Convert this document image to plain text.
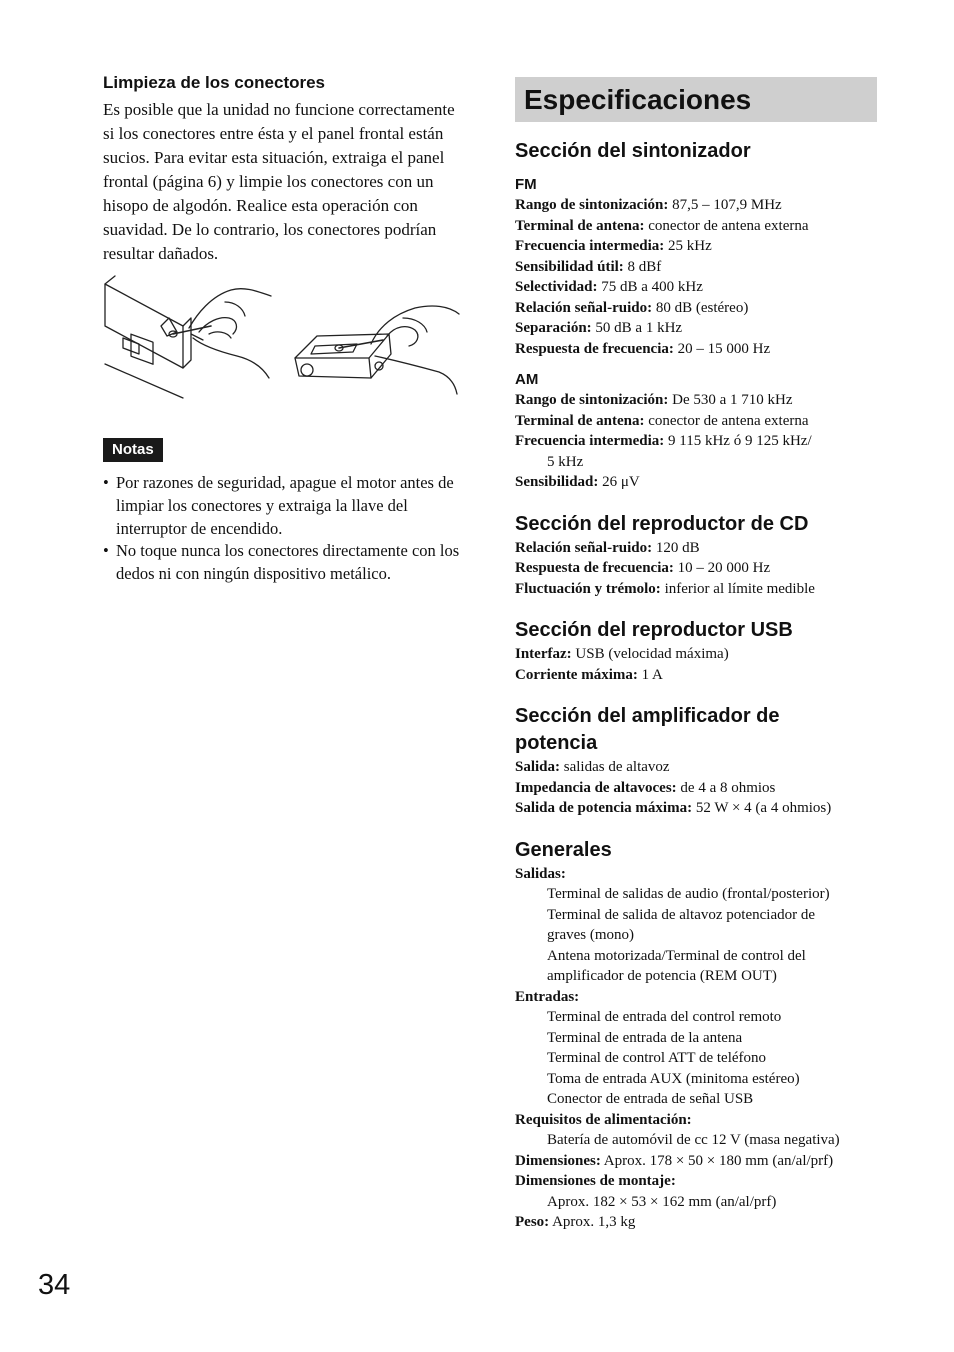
Limpieza de los conectores

Es posible que la unidad no funcione correctamente si los conectores entre ésta y el panel frontal están sucios. Para evitar esta situación, extraiga el panel frontal (página 6) y limpie los conectores con un hisopo de algodón. Realice esta operación con suavidad. De lo contrario, los conectores podrían resultar dañados.

Notas
• Por razones de seguridad, apague el motor antes de limpiar los conectores y extraiga la llave del interruptor de encendido.
• No toque nunca los conectores directamente con los dedos ni con ningún dispositivo metálico.
Especificaciones
Sección del sintonizador
FM
Rango de sintonización: 87,5 – 107,9 MHz
Terminal de antena: conector de antena externa
Frecuencia intermedia: 25 kHz
Sensibilidad útil: 8 dBf
Selectividad: 75 dB a 400 kHz
Relación señal-ruido: 80 dB (estéreo)
Separación: 50 dB a 1 kHz
Respuesta de frecuencia: 20 – 15 000 Hz
AM
Rango de sintonización: De 530 a 1 710 kHz
Terminal de antena: conector de antena externa
Frecuencia intermedia: 9 115 kHz ó 9 125 kHz/
5 kHz
Sensibilidad: 26 μV
Sección del reproductor de CD
Relación señal-ruido: 120 dB
Respuesta de frecuencia: 10 – 20 000 Hz
Fluctuación y trémolo: inferior al límite medible
Sección del reproductor USB
Interfaz: USB (velocidad máxima)
Corriente máxima: 1 A
Sección del amplificador de
potencia
Salida: salidas de altavoz
Impedancia de altavoces: de 4 a 8 ohmios
Salida de potencia máxima: 52 W × 4 (a 4 ohmios)
Generales
Salidas:
Terminal de salidas de audio (frontal/posterior)
Terminal de salida de altavoz potenciador de
graves (mono)
Antena motorizada/Terminal de control del
amplificador de potencia (REM OUT)
Entradas:
Terminal de entrada del control remoto
Terminal de entrada de la antena
Terminal de control ATT de teléfono
Toma de entrada AUX (minitoma estéreo)
Conector de entrada de señal USB
Requisitos de alimentación:
Batería de automóvil de cc 12 V (masa negativa)
Dimensiones: Aprox. 178 × 50 × 180 mm (an/al/prf)
Dimensiones de montaje:
Aprox. 182 × 53 × 162 mm (an/al/prf)
Peso: Aprox. 1,3 kg
34
